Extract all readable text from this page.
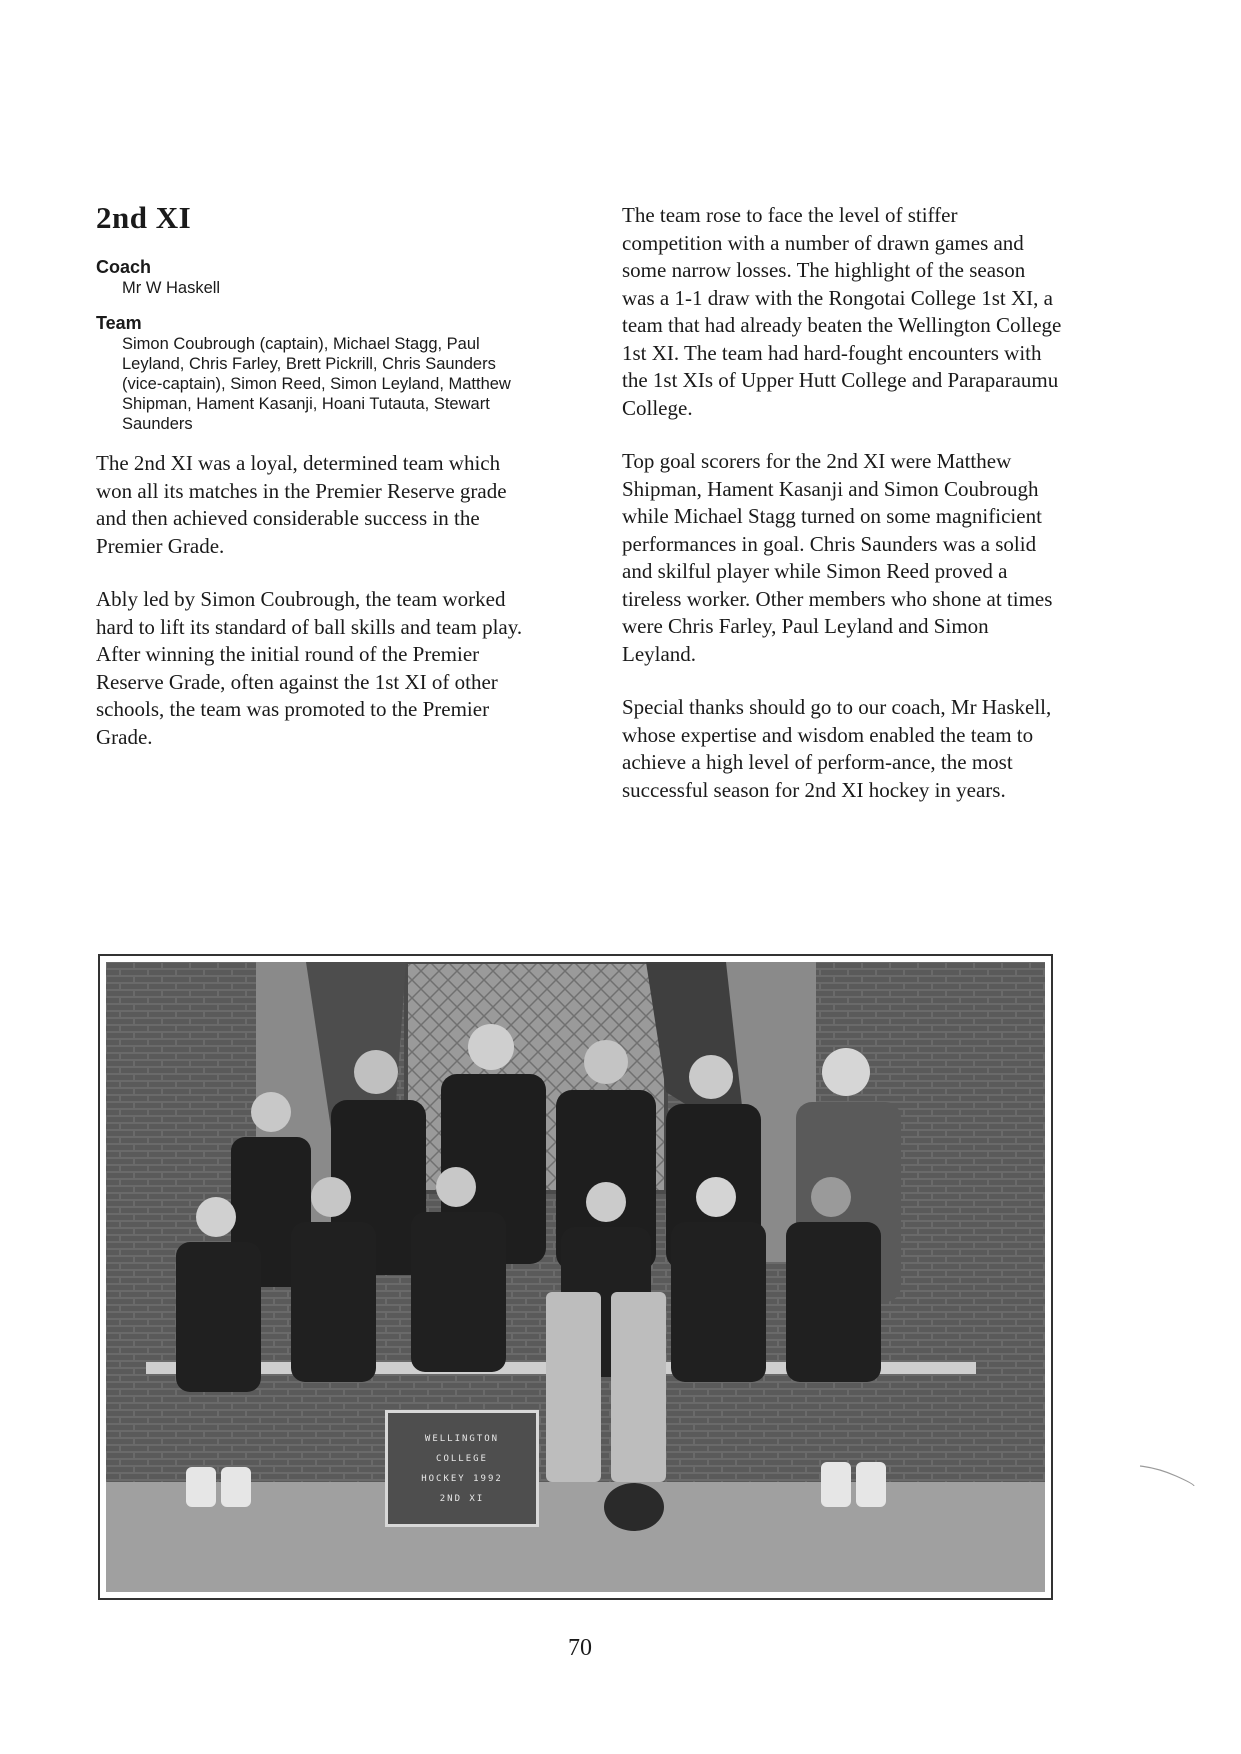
2nd XI

Coach

Mr W Haskell

Team

Simon Coubrough (captain), Michael Stagg, Paul Leyland, Chris Farley, Brett Pickrill, Chris Saunders (vice-captain), Simon Reed, Simon Leyland, Matthew Shipman, Hament Kasanji, Hoani Tutauta, Stewart Saunders

The 2nd XI was a loyal, determined team which won all its matches in the Premier Reserve grade and then achieved considerable success in the Premier Grade.

Ably led by Simon Coubrough, the team worked hard to lift its standard of ball skills and team play. After winning the initial round of the Premier Reserve Grade, often against the 1st XI of other schools, the team was promoted to the Premier Grade.

The team rose to face the level of stiffer competition with a number of drawn games and some narrow losses. The highlight of the season was a 1-1 draw with the Rongotai College 1st XI, a team that had already beaten the Wellington College 1st XI. The team had hard-fought encounters with the 1st XIs of Upper Hutt College and Paraparaumu College.

Top goal scorers for the 2nd XI were Matthew Shipman, Hament Kasanji and Simon Coubrough while Michael Stagg turned on some magnificient performances in goal. Chris Saunders was a solid and skilful player while Simon Reed proved a tireless worker. Other members who shone at times were Chris Farley, Paul Leyland and Simon Leyland.

Special thanks should go to our coach, Mr Haskell, whose expertise and wisdom enabled the team to achieve a high level of perform-ance, the most successful season for 2nd XI hockey in years.

WELLINGTON
COLLEGE
HOCKEY 1992
2ND XI
70
